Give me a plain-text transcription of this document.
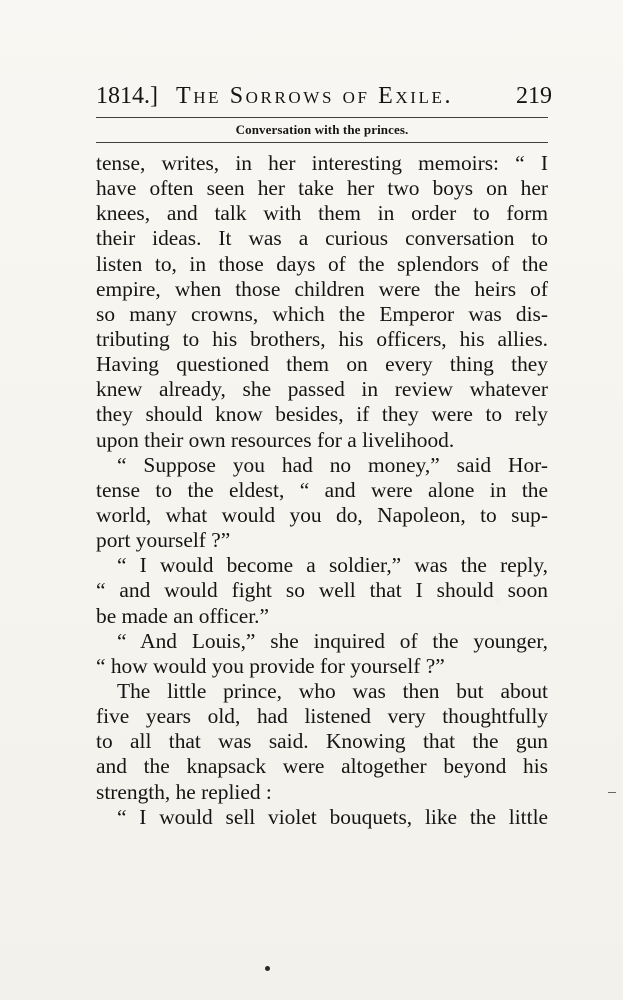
1814.] The Sorrows of Exile.	219
Conversation with the princes.
tense, writes, in her interesting memoirs: “ I
have often seen her take her two boys on her
knees, and talk with them in order to form
their ideas. It was a curious conversation to
listen to, in those days of the splendors of the
empire, when those children were the heirs of
so many crowns, which the Emperor was dis-
tributing to his brothers, his officers, his allies.
Having questioned them on every thing they
knew already, she passed in review whatever
they should know besides, if they were to rely
upon their own resources for a livelihood.
“ Suppose you had no money,” said Hor-
tense to the eldest, “ and were alone in the
world, what would you do, Napoleon, to sup-
port yourself ?”
“ I would become a soldier,” was the reply,
“ and would fight so well that I should soon
be made an officer.”
“ And Louis,” she inquired of the younger,
“ how would you provide for yourself ?”
The little prince, who was then but about
five years old, had listened very thoughtfully
to all that was said. Knowing that the gun
and the knapsack were altogether beyond his
strength, he replied :
“ I would sell violet bouquets, like the little
